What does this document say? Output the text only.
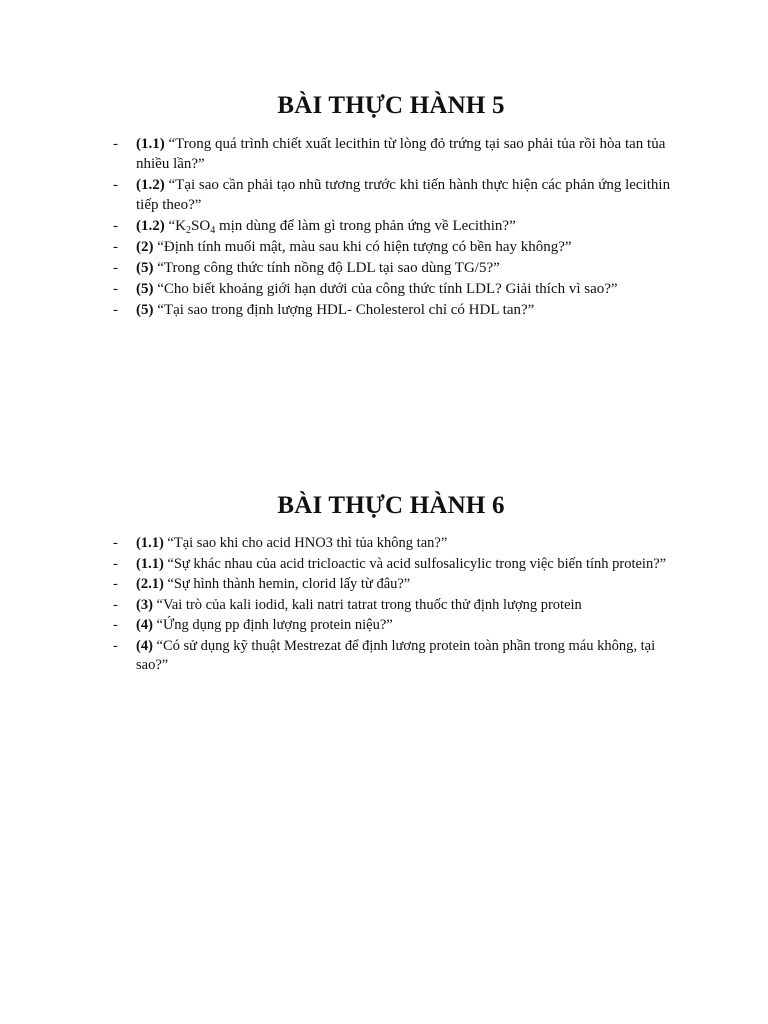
BÀI THỰC HÀNH 5
- (1.1) “Trong quá trình chiết xuất lecithin từ lòng đỏ trứng tại sao phải tủa rồi hòa tan tủa nhiều lần?”
- (1.2) “Tại sao cần phải tạo nhũ tương trước khi tiến hành thực hiện các phản ứng lecithin tiếp theo?”
- (1.2) “$K_2SO_4$ mịn dùng để làm gì trong phản ứng về Lecithin?”
- (2) “Định tính muối mật, màu sau khi có hiện tượng có bền hay không?”
- (5) “Trong công thức tính nồng độ LDL tại sao dùng TG/5?”
- (5) “Cho biết khoảng giới hạn dưới của công thức tính LDL? Giải thích vì sao?”
- (5) “Tại sao trong định lượng HDL- Cholesterol chỉ có HDL tan?”
BÀI THỰC HÀNH 6
- (1.1) “Tại sao khi cho acid HNO3 thì tủa không tan?”
- (1.1) “Sự khác nhau của acid tricloactic và acid sulfosalicylic trong việc biến tính protein?”
- (2.1) “Sự hình thành hemin, clorid lấy từ đâu?”
- (3) “Vai trò của kali iodid, kali natri tatrat trong thuốc thử định lượng protein
- (4) “Ứng dụng pp định lượng protein niệu?”
- (4) “Có sử dụng kỹ thuật Mestrezat để định lương protein toàn phần trong máu không, tại sao?”
